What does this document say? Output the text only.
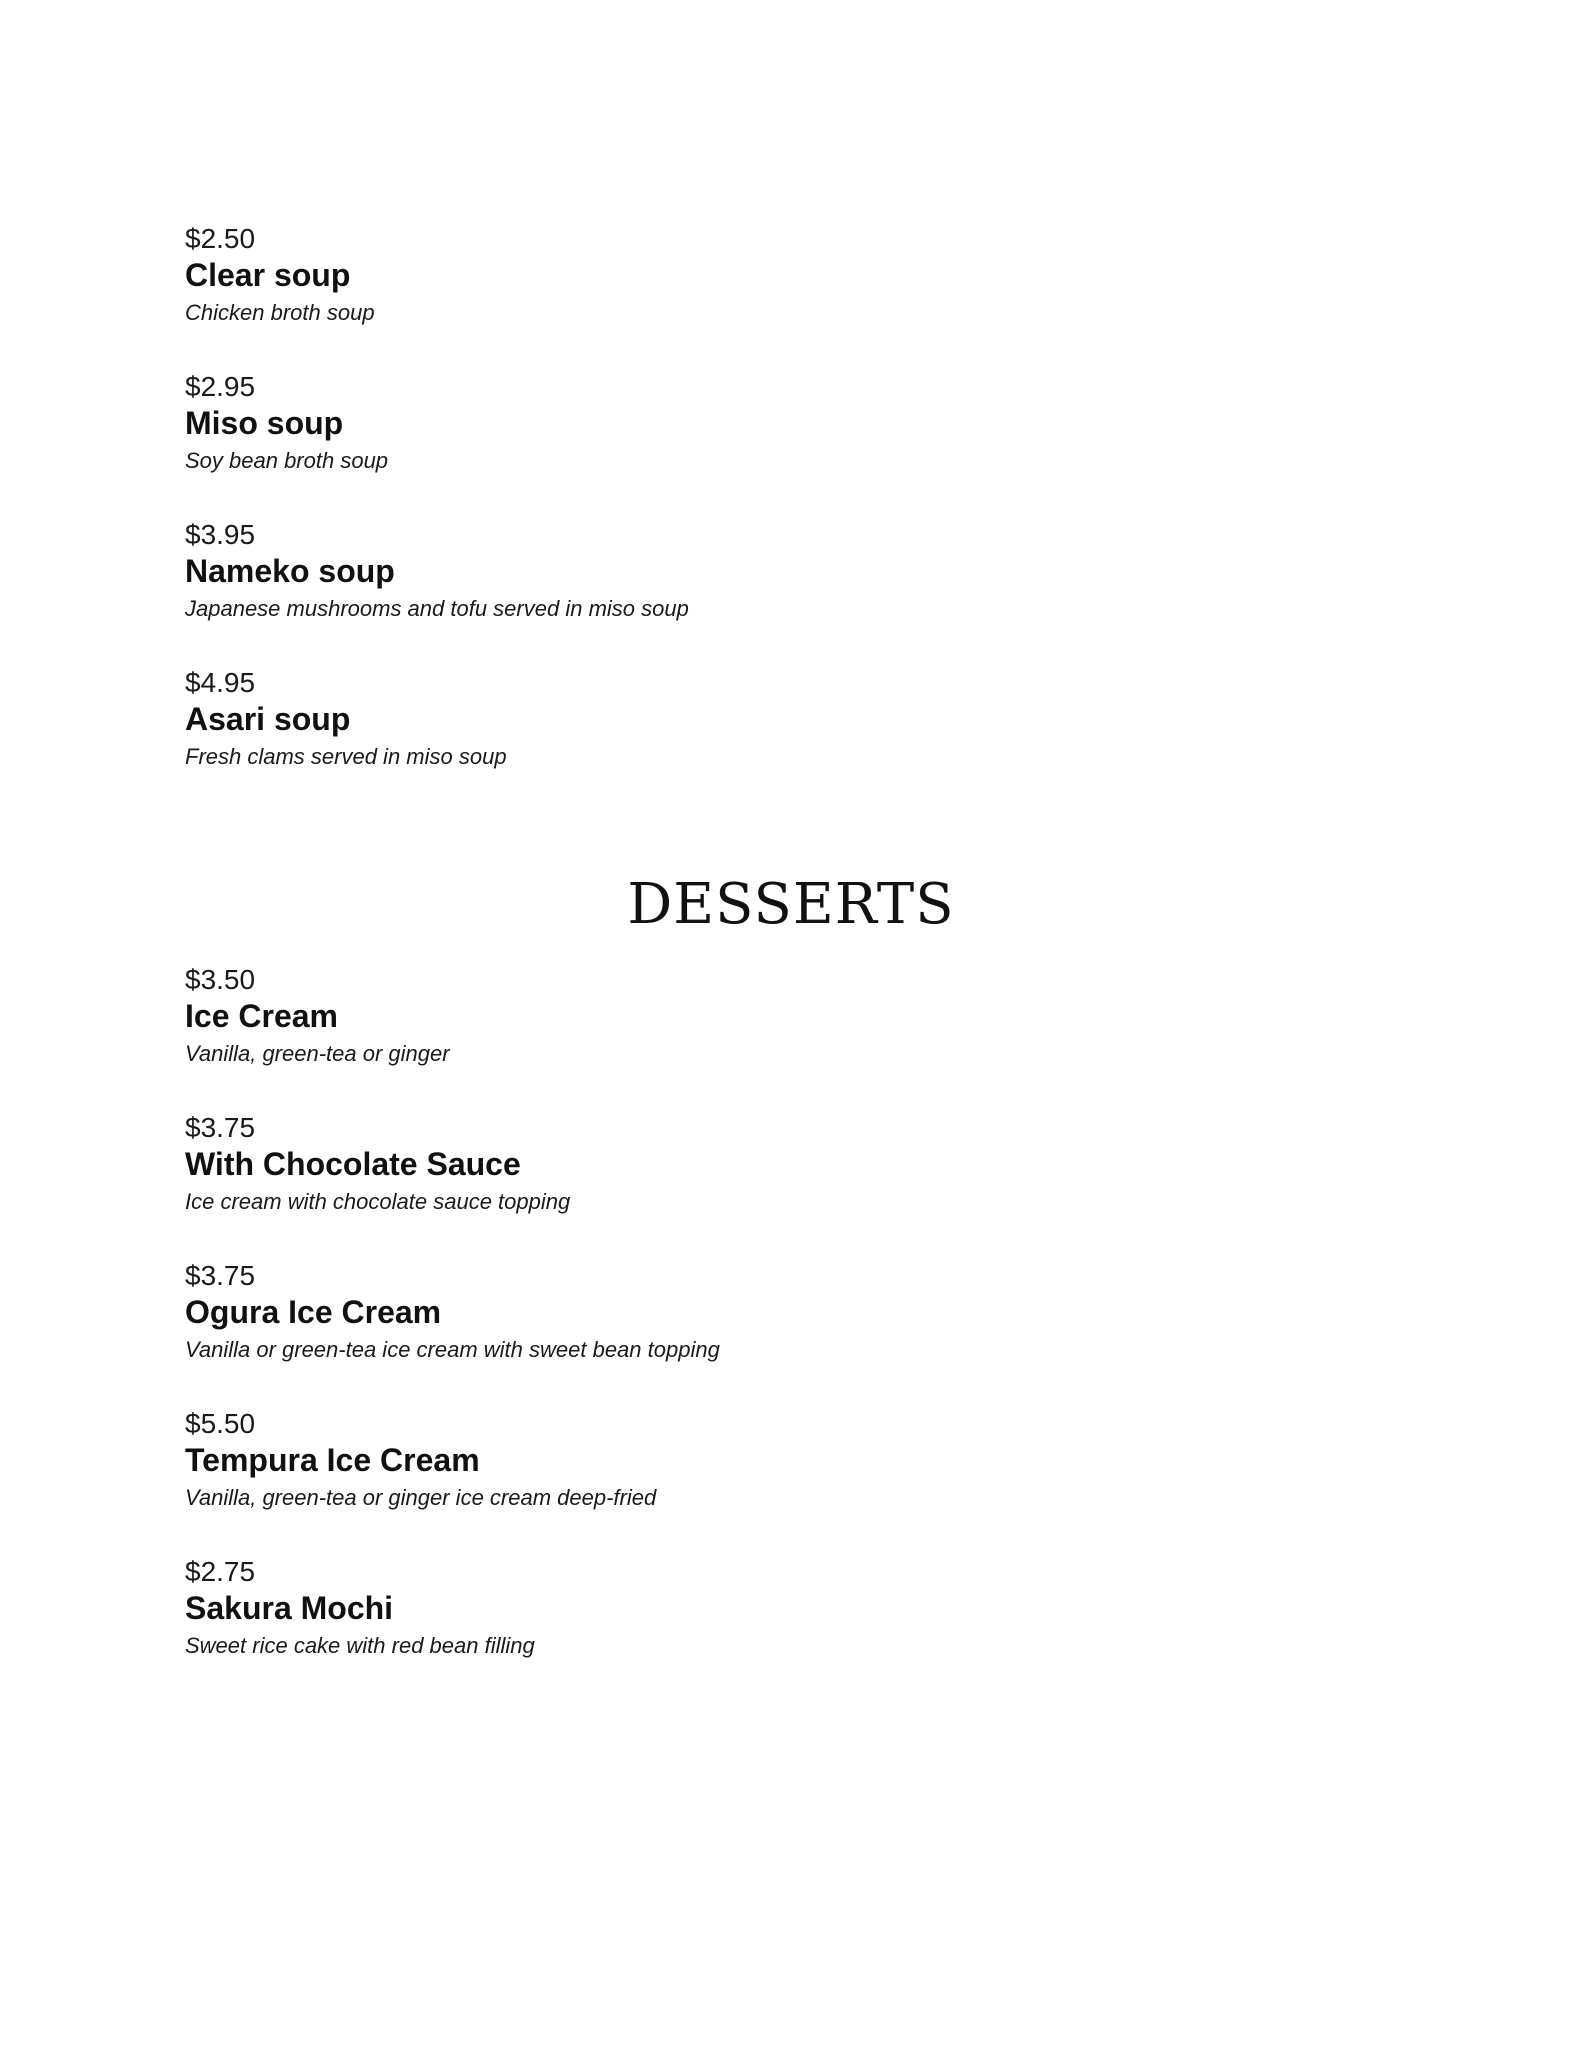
$2.50
Clear soup
Chicken broth soup
$2.95
Miso soup
Soy bean broth soup
$3.95
Nameko soup
Japanese mushrooms and tofu served in miso soup
$4.95
Asari soup
Fresh clams served in miso soup
DESSERTS
$3.50
Ice Cream
Vanilla, green-tea or ginger
$3.75
With Chocolate Sauce
Ice cream with chocolate sauce topping
$3.75
Ogura Ice Cream
Vanilla or green-tea ice cream with sweet bean topping
$5.50
Tempura Ice Cream
Vanilla, green-tea or ginger ice cream deep-fried
$2.75
Sakura Mochi
Sweet rice cake with red bean filling
